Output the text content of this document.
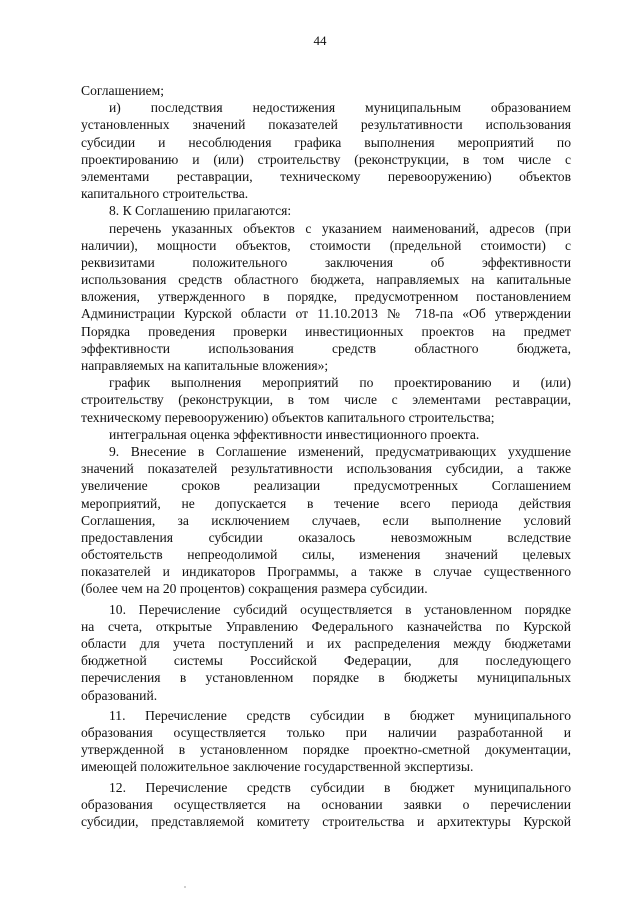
44
Соглашением;
и) последствия недостижения муниципальным образованием
установленных значений показателей результативности использования
субсидии и несоблюдения графика выполнения мероприятий по
проектированию и (или) строительству (реконструкции, в том числе с
элементами реставрации, техническому перевооружению) объектов
капитального строительства.
8. К Соглашению прилагаются:
перечень указанных объектов с указанием наименований, адресов (при
наличии), мощности объектов, стоимости (предельной стоимости) с
реквизитами положительного заключения об эффективности
использования средств областного бюджета, направляемых на капитальные
вложения, утвержденного в порядке, предусмотренном постановлением
Администрации Курской области от 11.10.2013 № 718-па «Об утверждении
Порядка проведения проверки инвестиционных проектов на предмет
эффективности использования средств областного бюджета,
направляемых на капитальные вложения»;
график выполнения мероприятий по проектированию и (или)
строительству (реконструкции, в том числе с элементами реставрации,
техническому перевооружению) объектов капитального строительства;
интегральная оценка эффективности инвестиционного проекта.
9. Внесение в Соглашение изменений, предусматривающих ухудшение
значений показателей результативности использования субсидии, а также
увеличение сроков реализации предусмотренных Соглашением
мероприятий, не допускается в течение всего периода действия
Соглашения, за исключением случаев, если выполнение условий
предоставления субсидии оказалось невозможным вследствие
обстоятельств непреодолимой силы, изменения значений целевых
показателей и индикаторов Программы, а также в случае существенного
(более чем на 20 процентов) сокращения размера субсидии.
10. Перечисление субсидий осуществляется в установленном порядке
на счета, открытые Управлению Федерального казначейства по Курской
области для учета поступлений и их распределения между бюджетами
бюджетной системы Российской Федерации, для последующего
перечисления в установленном порядке в бюджеты муниципальных
образований.
11. Перечисление средств субсидии в бюджет муниципального
образования осуществляется только при наличии разработанной и
утвержденной в установленном порядке проектно-сметной документации,
имеющей положительное заключение государственной экспертизы.
12. Перечисление средств субсидии в бюджет муниципального
образования осуществляется на основании заявки о перечислении
субсидии, представляемой комитету строительства и архитектуры Курской
